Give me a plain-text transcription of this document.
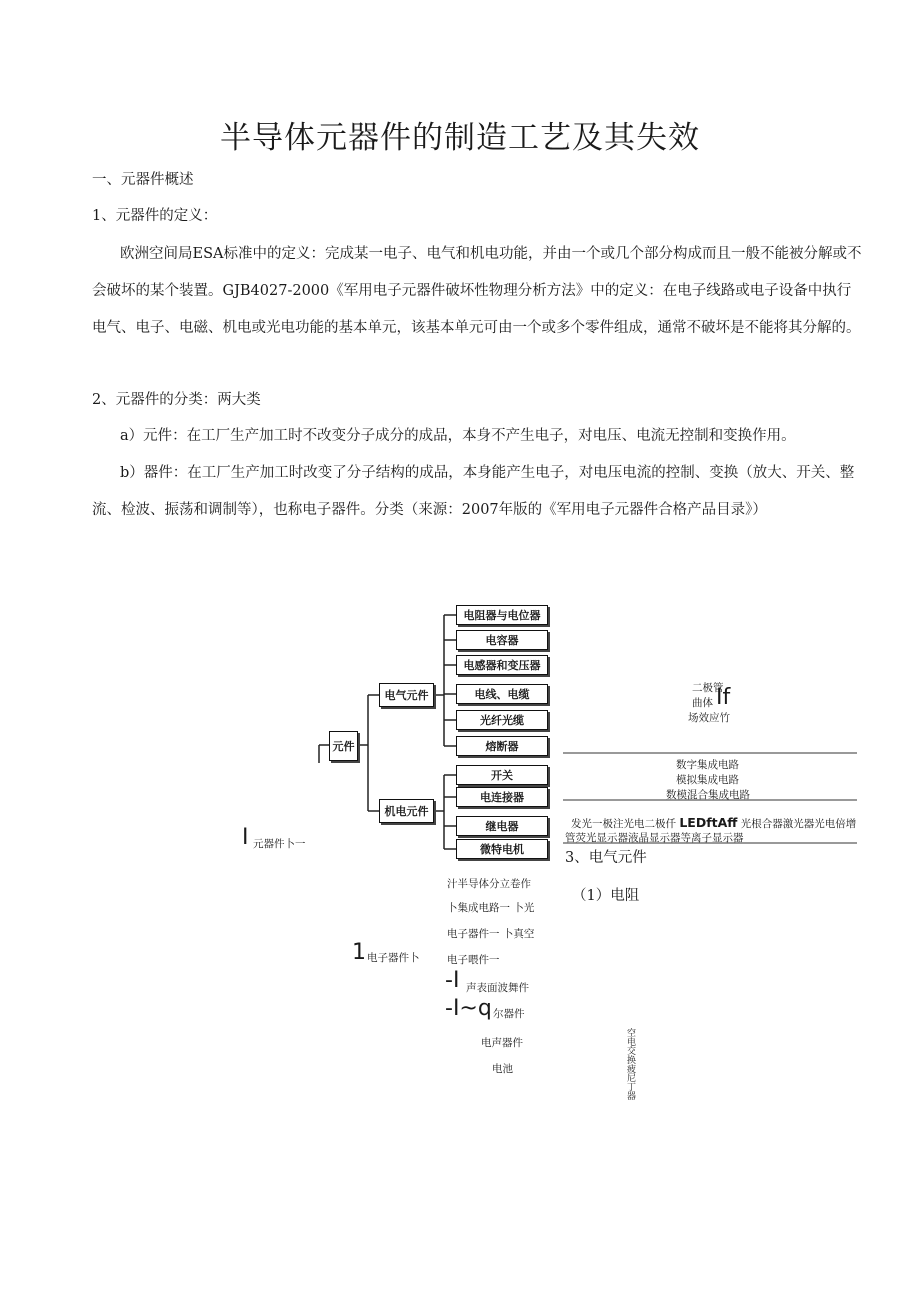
半导体元器件的制造工艺及其失效
一、元器件概述
1、元器件的定义：
欧洲空间局ESA标准中的定义：完成某一电子、电气和机电功能，并由一个或几个部分构成而且一般不能被分解或不会破坏的某个装置。GJB4027-2000《军用电子元器件破坏性物理分析方法》中的定义：在电子线路或电子设备中执行电气、电子、电磁、机电或光电功能的基本单元，该基本单元可由一个或多个零件组成，通常不破坏是不能将其分解的。
2、元器件的分类：两大类
a）元件：在工厂生产加工时不改变分子成分的成品，本身不产生电子，对电压、电流无控制和变换作用。
b）器件：在工厂生产加工时改变了分子结构的成品，本身能产生电子，对电压电流的控制、变换（放大、开关、整流、检波、振荡和调制等），也称电子器件。分类（来源：2007年版的《军用电子元器件合格产品目录》）
元件
电气元件
机电元件
电阻器与电位器
电容器
电感器和变压器
电线、电缆
光纤光缆
熔断器
开关
电连接器
继电器
微特电机
二极管
曲体 If
场效应竹
数字集成电路
模拟集成电路
数模混合集成电路
发光一极注光电二极仟 LEDftAff 光根合器激光器光电倍增
管荧光显示器液晶显示器等离子显示器
3、电气元件
（1）电阻
I 元器件卜一
汁半导体分立卷作
卜集成电路一 卜光
电子器件一 卜真空
电子喂件一
1 电子器件卜
-I 声表面波舞件
-I~q 尔器件
电声器件
电池	空电交换疲尼丁器
